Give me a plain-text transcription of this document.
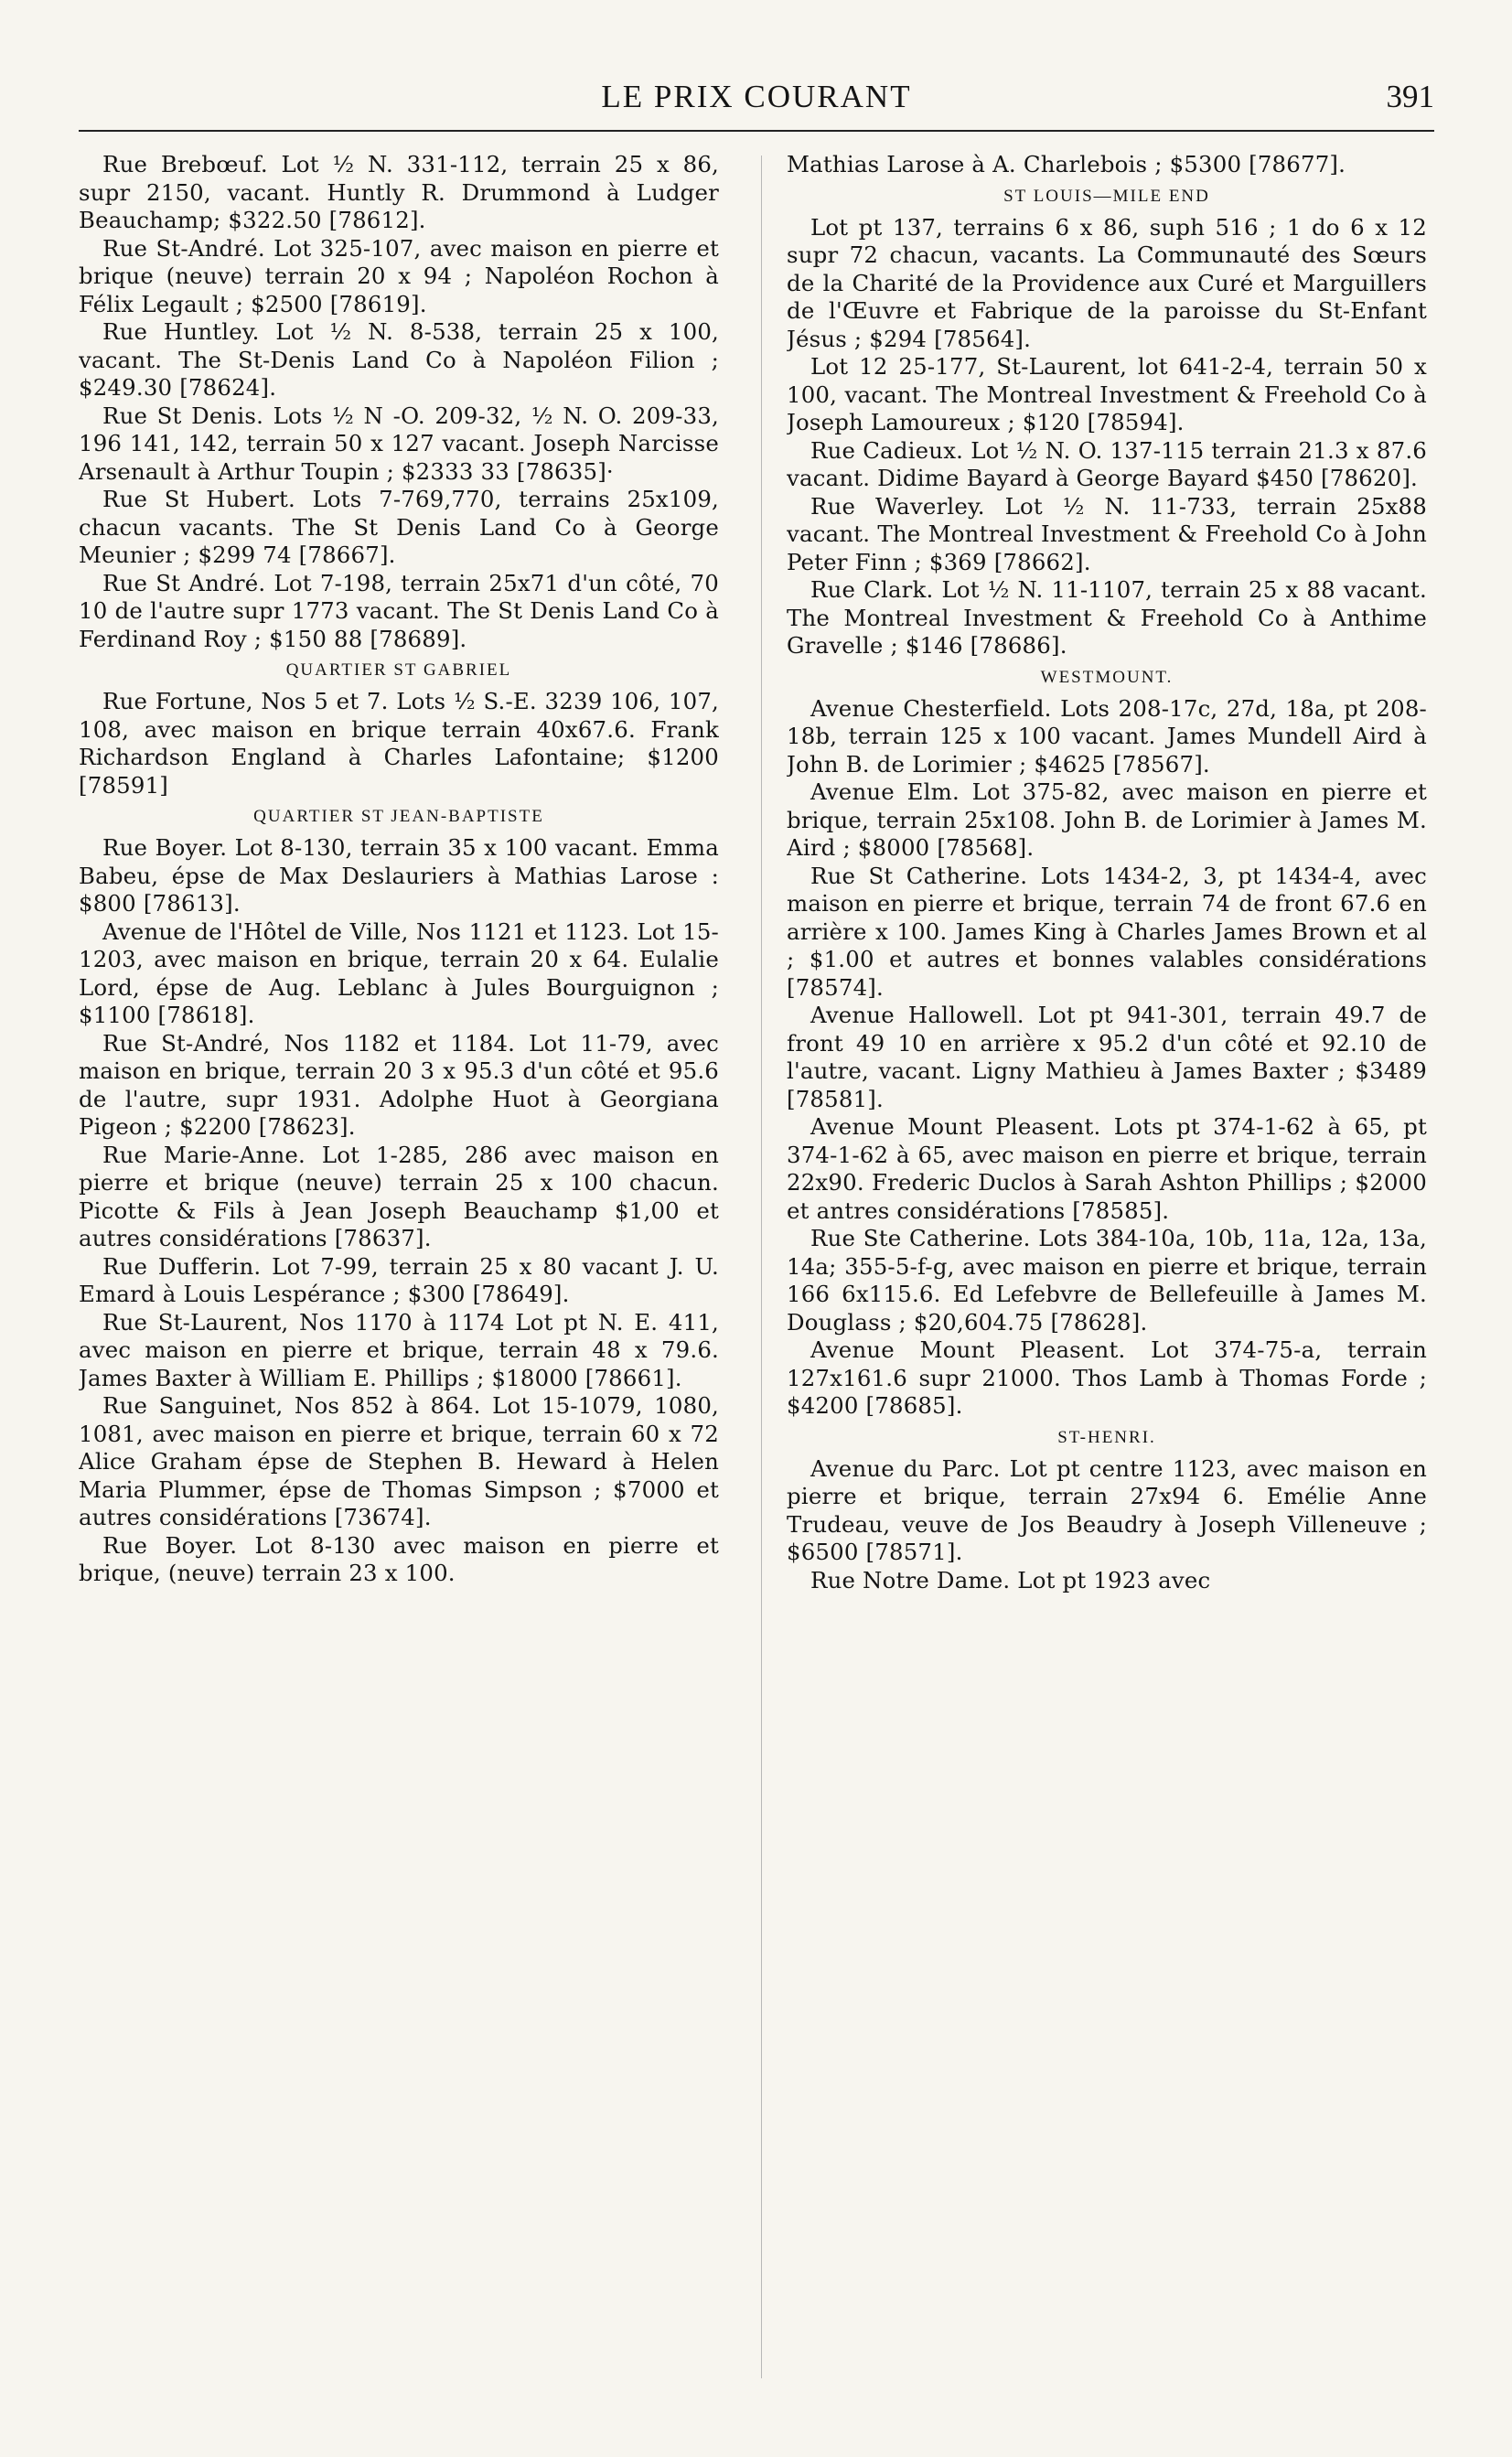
LE PRIX COURANT	391

Rue Brebœuf. Lot ½ N. 331-112, terrain 25 x 86, supr 2150, vacant. Huntly R. Drummond à Ludger Beauchamp; $322.50 [78612].

Rue St-André. Lot 325-107, avec maison en pierre et brique (neuve) terrain 20 x 94 ; Napoléon Rochon à Félix Legault ; $2500 [78619].

Rue Huntley. Lot ½ N. 8-538, terrain 25 x 100, vacant. The St-Denis Land Co à Napoléon Filion ; $249.30 [78624].

Rue St Denis. Lots ½ N -O. 209-32, ½ N. O. 209-33, 196 141, 142, terrain 50 x 127 vacant. Joseph Narcisse Arsenault à Arthur Toupin ; $2333 33 [78635]·

Rue St Hubert. Lots 7-769,770, terrains 25x109, chacun vacants. The St Denis Land Co à George Meunier ; $299 74 [78667].

Rue St André. Lot 7-198, terrain 25x71 d'un côté, 70 10 de l'autre supr 1773 vacant. The St Denis Land Co à Ferdinand Roy ; $150 88 [78689].

QUARTIER ST GABRIEL

Rue Fortune, Nos 5 et 7. Lots ½ S.-E. 3239 106, 107, 108, avec maison en brique terrain 40x67.6. Frank Richardson England à Charles Lafontaine; $1200 [78591]

QUARTIER ST JEAN-BAPTISTE

Rue Boyer. Lot 8-130, terrain 35 x 100 vacant. Emma Babeu, épse de Max Deslauriers à Mathias Larose : $800 [78613].

Avenue de l'Hôtel de Ville, Nos 1121 et 1123. Lot 15-1203, avec maison en brique, terrain 20 x 64. Eulalie Lord, épse de Aug. Leblanc à Jules Bourguignon ; $1100 [78618].

Rue St-André, Nos 1182 et 1184. Lot 11-79, avec maison en brique, terrain 20 3 x 95.3 d'un côté et 95.6 de l'autre, supr 1931. Adolphe Huot à Georgiana Pigeon ; $2200 [78623].

Rue Marie-Anne. Lot 1-285, 286 avec maison en pierre et brique (neuve) terrain 25 x 100 chacun. Picotte & Fils à Jean Joseph Beauchamp $1,00 et autres considérations [78637].

Rue Dufferin. Lot 7-99, terrain 25 x 80 vacant J. U. Emard à Louis Lespérance ; $300 [78649].

Rue St-Laurent, Nos 1170 à 1174 Lot pt N. E. 411, avec maison en pierre et brique, terrain 48 x 79.6. James Baxter à William E. Phillips ; $18000 [78661].

Rue Sanguinet, Nos 852 à 864. Lot 15-1079, 1080, 1081, avec maison en pierre et brique, terrain 60 x 72 Alice Graham épse de Stephen B. Heward à Helen Maria Plummer, épse de Thomas Simpson ; $7000 et autres considérations [73674].

Rue Boyer. Lot 8-130 avec maison en pierre et brique, (neuve) terrain 23 x 100.

Mathias Larose à A. Charlebois ; $5300 [78677].

ST LOUIS—MILE END

Lot pt 137, terrains 6 x 86, suph 516 ; 1 do 6 x 12 supr 72 chacun, vacants. La Communauté des Sœurs de la Charité de la Providence aux Curé et Marguillers de l'Œuvre et Fabrique de la paroisse du St-Enfant Jésus ; $294 [78564].

Lot 12 25-177, St-Laurent, lot 641-2-4, terrain 50 x 100, vacant. The Montreal Investment & Freehold Co à Joseph Lamoureux ; $120 [78594].

Rue Cadieux. Lot ½ N. O. 137-115 terrain 21.3 x 87.6 vacant. Didime Bayard à George Bayard $450 [78620].

Rue Waverley. Lot ½ N. 11-733, terrain 25x88 vacant. The Montreal Investment & Freehold Co à John Peter Finn ; $369 [78662].

Rue Clark. Lot ½ N. 11-1107, terrain 25 x 88 vacant. The Montreal Investment & Freehold Co à Anthime Gravelle ; $146 [78686].

WESTMOUNT.

Avenue Chesterfield. Lots 208-17c, 27d, 18a, pt 208-18b, terrain 125 x 100 vacant. James Mundell Aird à John B. de Lorimier ; $4625 [78567].

Avenue Elm. Lot 375-82, avec maison en pierre et brique, terrain 25x108. John B. de Lorimier à James M. Aird ; $8000 [78568].

Rue St Catherine. Lots 1434-2, 3, pt 1434-4, avec maison en pierre et brique, terrain 74 de front 67.6 en arrière x 100. James King à Charles James Brown et al ; $1.00 et autres et bonnes valables considérations [78574].

Avenue Hallowell. Lot pt 941-301, terrain 49.7 de front 49 10 en arrière x 95.2 d'un côté et 92.10 de l'autre, vacant. Ligny Mathieu à James Baxter ; $3489 [78581].

Avenue Mount Pleasent. Lots pt 374-1-62 à 65, pt 374-1-62 à 65, avec maison en pierre et brique, terrain 22x90. Frederic Duclos à Sarah Ashton Phillips ; $2000 et antres considérations [78585].

Rue Ste Catherine. Lots 384-10a, 10b, 11a, 12a, 13a, 14a; 355-5-f-g, avec maison en pierre et brique, terrain 166 6x115.6. Ed Lefebvre de Bellefeuille à James M. Douglass ; $20,604.75 [78628].

Avenue Mount Pleasent. Lot 374-75-a, terrain 127x161.6 supr 21000. Thos Lamb à Thomas Forde ; $4200 [78685].

ST-HENRI.

Avenue du Parc. Lot pt centre 1123, avec maison en pierre et brique, terrain 27x94 6. Emélie Anne Trudeau, veuve de Jos Beaudry à Joseph Villeneuve ; $6500 [78571].

Rue Notre Dame. Lot pt 1923 avec
